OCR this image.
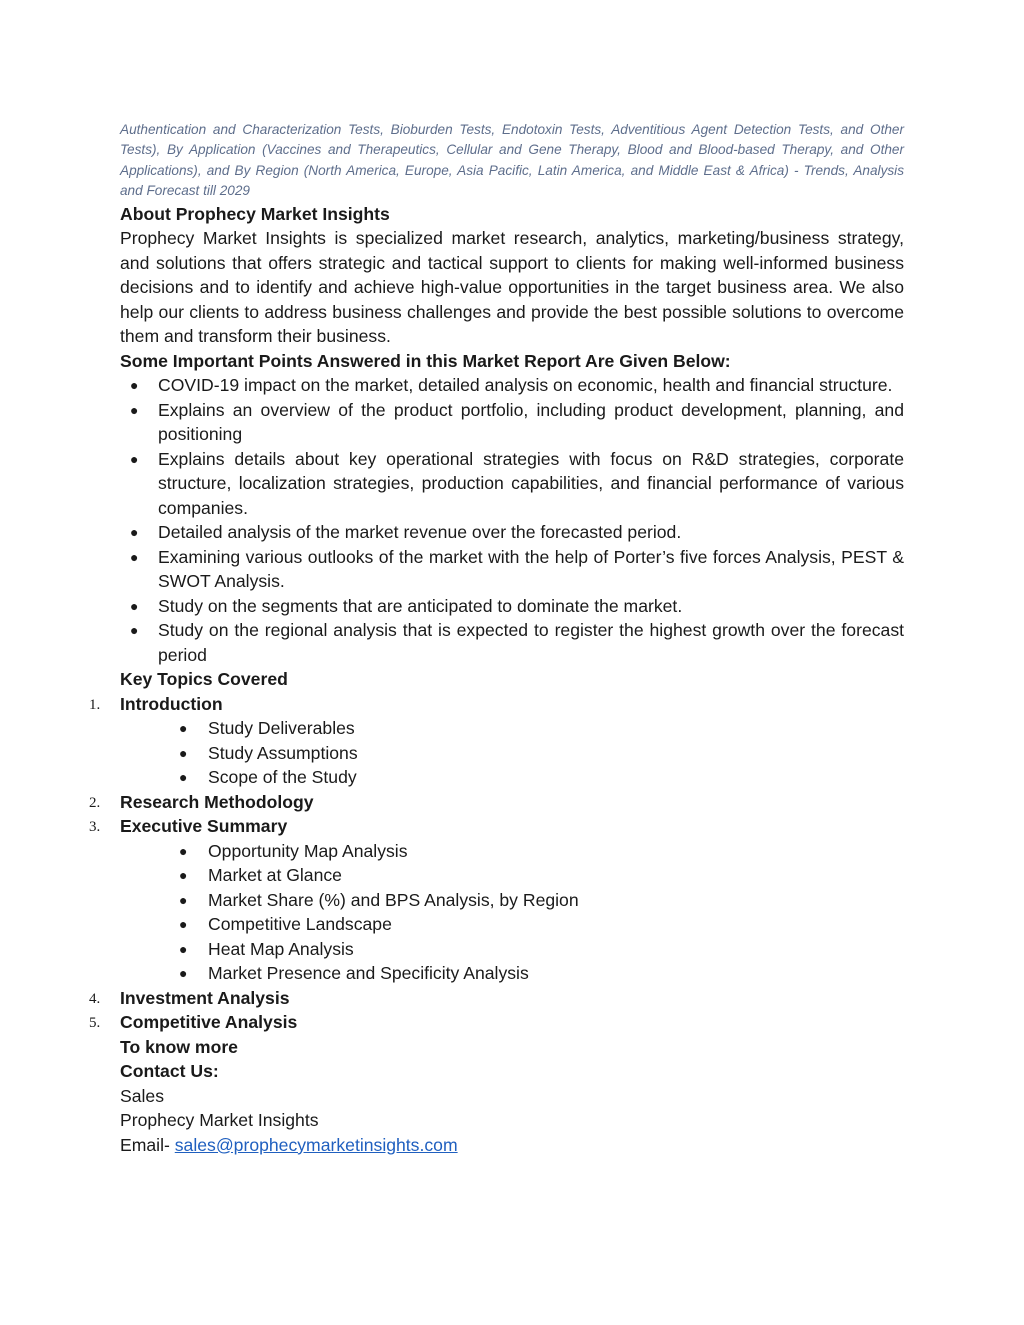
Authentication and Characterization Tests, Bioburden Tests, Endotoxin Tests, Adventitious Agent Detection Tests, and Other Tests), By Application (Vaccines and Therapeutics, Cellular and Gene Therapy, Blood and Blood-based Therapy, and Other Applications), and By Region (North America, Europe, Asia Pacific, Latin America, and Middle East & Africa) - Trends, Analysis and Forecast till 2029

About Prophecy Market Insights

Prophecy Market Insights is specialized market research, analytics, marketing/business strategy, and solutions that offers strategic and tactical support to clients for making well-informed business decisions and to identify and achieve high-value opportunities in the target business area. We also help our clients to address business challenges and provide the best possible solutions to overcome them and transform their business.

Some Important Points Answered in this Market Report Are Given Below:

● COVID-19 impact on the market, detailed analysis on economic, health and financial structure.
● Explains an overview of the product portfolio, including product development, planning, and positioning
● Explains details about key operational strategies with focus on R&D strategies, corporate structure, localization strategies, production capabilities, and financial performance of various companies.
● Detailed analysis of the market revenue over the forecasted period.
● Examining various outlooks of the market with the help of Porter’s five forces Analysis, PEST & SWOT Analysis.
● Study on the segments that are anticipated to dominate the market.
● Study on the regional analysis that is expected to register the highest growth over the forecast period

Key Topics Covered

1. Introduction

● Study Deliverables
● Study Assumptions
● Scope of the Study
2. Research Methodology

3. Executive Summary

● Opportunity Map Analysis
● Market at Glance
● Market Share (%) and BPS Analysis, by Region
● Competitive Landscape
● Heat Map Analysis
● Market Presence and Specificity Analysis
4. Investment Analysis

5. Competitive Analysis

To know more

Contact Us:

Sales

Prophecy Market Insights

Email- sales@prophecymarketinsights.com
